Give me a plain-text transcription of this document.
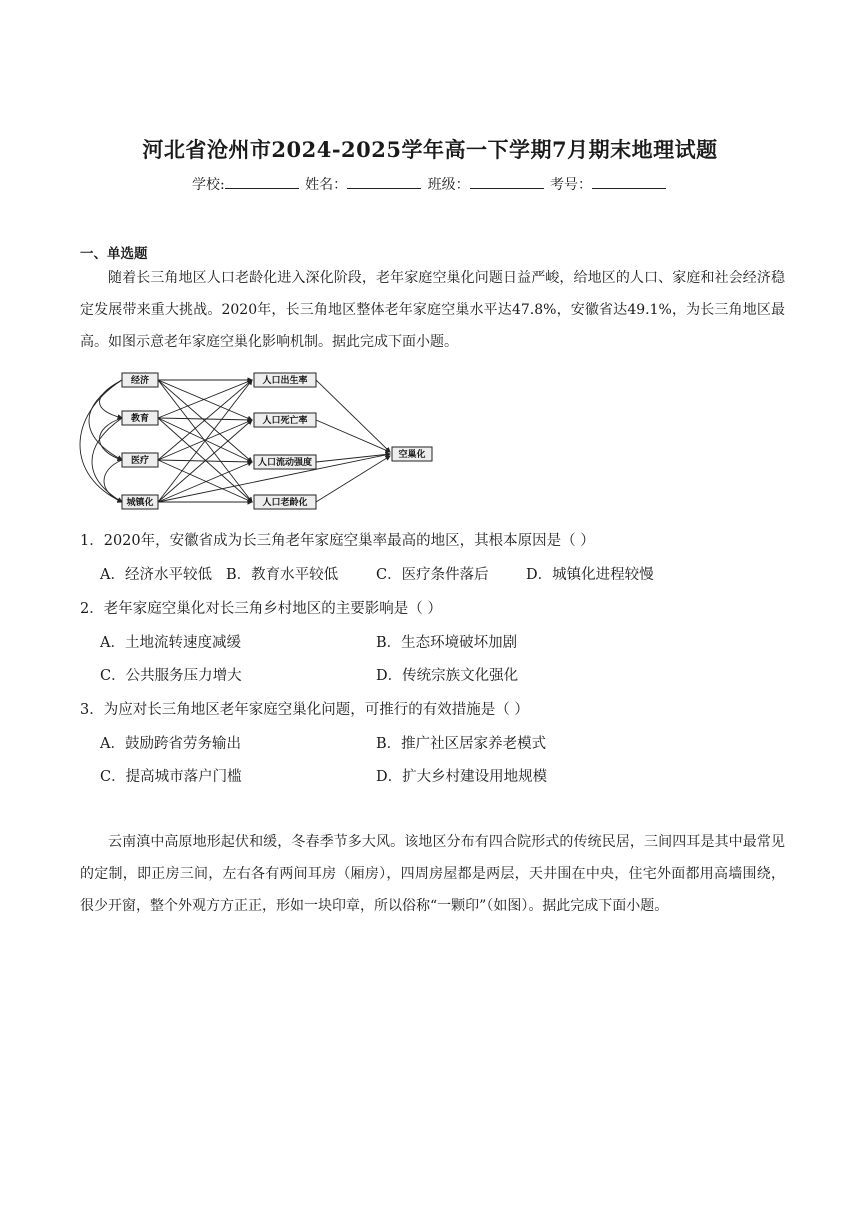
河北省沧州市2024-2025学年高一下学期7月期末地理试题
学校:	姓名：	班级：	考号：
一、单选题
随着长三角地区人口老龄化进入深化阶段，老年家庭空巢化问题日益严峻，给地区的人口、家庭和社会经济稳定发展带来重大挑战。2020年，长三角地区整体老年家庭空巢水平达47.8%，安徽省达49.1%，为长三角地区最高。如图示意老年家庭空巢化影响机制。据此完成下面小题。
经济
教育
医疗
城镇化
人口出生率
人口死亡率
人口流动强度
人口老龄化
空巢化
1．2020年，安徽省成为长三角老年家庭空巢率最高的地区，其根本原因是（ ）
A．经济水平较低 B．教育水平较低	C．医疗条件落后	D．城镇化进程较慢
2．老年家庭空巢化对长三角乡村地区的主要影响是（ ）
A．土地流转速度减缓	B．生态环境破坏加剧
C．公共服务压力增大	D．传统宗族文化强化
3．为应对长三角地区老年家庭空巢化问题，可推行的有效措施是（ ）
A．鼓励跨省劳务输出	B．推广社区居家养老模式
C．提高城市落户门槛	D．扩大乡村建设用地规模
云南滇中高原地形起伏和缓，冬春季节多大风。该地区分布有四合院形式的传统民居，三间四耳是其中最常见的定制，即正房三间，左右各有两间耳房（厢房），四周房屋都是两层，天井围在中央，住宅外面都用高墙围绕，很少开窗，整个外观方方正正，形如一块印章，所以俗称“一颗印”（如图）。据此完成下面小题。
